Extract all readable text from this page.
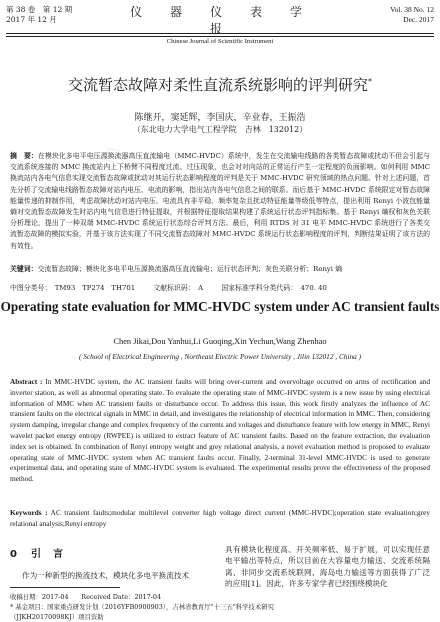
◇◇◇
第 38 卷　第 12 期
2017 年 12 月	仪　器　仪　表　学　报
Chinese Journal of Scientific Instrument
Vol. 38 No. 12
Dec. 2017
交流暂态故障对柔性直流系统影响的评判研究*
陈继开，窦延辉，李国庆，辛业春，王振浩
（东北电力大学电气工程学院　吉林　132012）
摘　要：在模块化多电平电压源换流器高压直流输电（MMC-HVDC）系统中，发生在交流输电线路的各类暂态故障或扰动不但会引起与交流系统连接的 MMC 换流站内上下桥臂不同程度过流、过压现象，也会对对向站的正常运行产生一定程度的负面影响。如何利用 MMC 换流站内各电气信息实现交流暂态故障或扰动对其运行状态影响程度的评判是关于 MMC-HVDC 研究领域的热点问题。针对上述问题，首先分析了交流输电线路暂态故障对站内电压、电流的影响，指出站内各电气信息之间的联系。而后基于 MMC-HVDC 系统限定对暂态故障能量传递的抑制作用，考虑故障扰动对站内电压、电流具有非平稳、频率复杂且扰动特征能量等级低等特点，提出利用 Renyi 小波包能量熵对交流暂态故障发生时站内电气信息进行特征提取，并根据特征提取结果构建了系统运行状态评判指标集。基于 Renyi 熵权和灰色关联分析理论，提出了一种双端 MMC-HVDC 系统运行状态综合评判方法。最后，利用 RTDS 对 31 电平 MMC-HVDC 系统进行了各类交流暂态故障的模拟实验，并基于该方法实现了不同交流暂态故障对 MMC-HVDC 系统运行状态影响程度的评判，判断结果证明了该方法的有效性。
关键词：交流暂态故障；模块化多电平电压源换流器高压直流输电；运行状态评判；灰色关联分析；Renyi 熵
中图分类号：　TM93　TP274　TH701	文献标识码：　A	国家标准学科分类代码：　470. 40
Operating state evaluation for MMC-HVDC system under AC transient faults
Chen Jikai,Dou Yanhui,Li Guoqing,Xin Yechun,Wang Zhenhao
( School of Electrical Engineering , Northeast Electric Power University , Jilin 132012 , China )
Abstract : In MMC-HVDC system, the AC transient faults will bring over-current and overvoltage occurred on arms of rectification and inverter station, as well as abnormal operating state. To evaluate the operating state of MMC-HVDC system is a new issue by using electrical information of MMC when AC transient faults or disturbance occur. To address this issue, this work firstly analyzes the influence of AC transient faults on the electrical signals in MMC in detail, and investigates the relationship of electrical information in MMC. Then, considering system damping, irregular change and complex frequency of the currents and voltages and disturbance feature with low energy in MMC, Renyi wavelet packet energy entropy (RWPEE) is utilized to extract feature of AC transient faults. Based on the feature extraction, the evaluation index set is obtained. In combination of Renyi entropy weight and grey relational analysis, a novel evaluation method is proposed to evaluate operating state of MMC-HVDC system when AC transient faults occur. Finally, 2-terminal 31-level MMC-HVDC is used to generate experimental data, and operating state of MMC-HVDC system is evaluated. The experimental results prove the effectiveness of the proposed method.
Keywords : AC transient faults;modular multilevel converter high voltage direct current (MMC-HVDC);operation state evaluation;grey relational analysis;Renyi entropy
0 引言
作为一种新型的换流技术，模块化多电平换流技术
收稿日期：2017-04　　Received Date：2017-04
* 基金项目：国家重点研发计划（2016YFB0900903），吉林省教育厅"十三五"科学技术研究（JJKH20170098KJ）项目资助
具有模块化程度高、开关频率低、易于扩展，可以实现任意电平输出等特点，所以目前在大容量电力输送、交流系统隔离、非同步交流系统联网、海岛电力输送等方面获得了广泛的应用[1]。因此，许多专家学者已经围绕模块化
